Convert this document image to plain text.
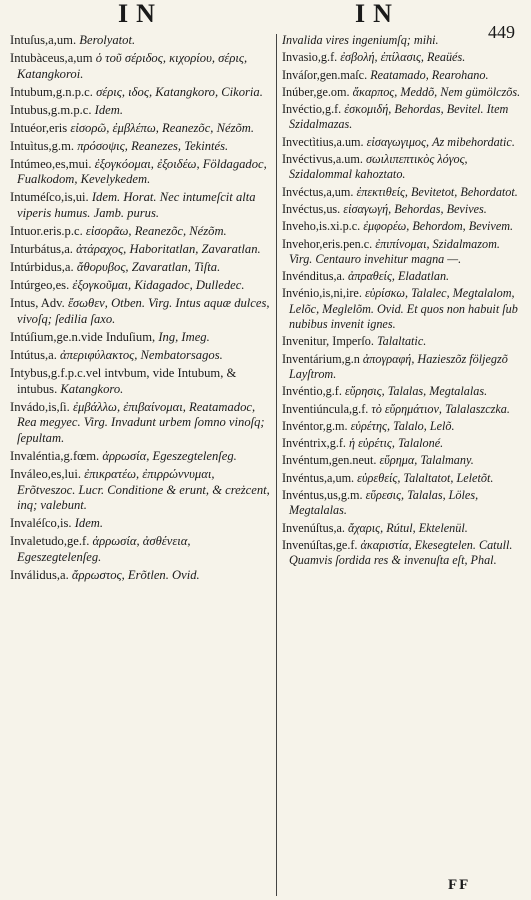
IN	IN
449
Intuſus,a,um. Berolyatot.
Intubàceus,a,um ὁ τοῦ σέριδος, κιχορίου, σέρις, Katangkoroi.
Intubum,g.n.p.c. σέρις, ιδος, Katangkoro, Cikoria.
Intubus,g.m.p.c. Idem.
Intuéor,eris εἰσορῶ, ἐμβλέπω, Reanezõc, Nézõm.
Intuìtus,g.m. πρόσοψις, Reanezes, Tekintés.
Intúmeo,es,mui. ἐξογκόομαι, ἐξοιδέω, Földagadoc, Fualkodom, Kevelykedem.
Intuméſco,is,ui. Idem. Horat. Nec intumeſcit alta viperis humus. Jamb. purus.
Intuor.eris.p.c. εἰσορᾶω, Reanezõc, Nézõm.
Inturbátus,a. ἀτάραχος, Haboritatlan, Zavaratlan.
Intúrbidus,a. ἄθορυβος, Zavaratlan, Tiſta.
Intúrgeo,es. ἐξογκοῦμαι, Kidagadoc, Dulledec.
Intus, Adv. ἔσωθεν, Otben. Virg. Intus aquæ dulces, vivoſq; ſedilia ſaxo.
Intúſium,ge.n.vide Induſium, Ing, Imeg.
Intútus,a. ἀπεριφύλακτος, Nembatorsagos.
Intybus,g.f.p.c.vel intvbum, vide Intubum, & intubus. Katangkoro.
Invádo,is,ſi. ἐμβάλλω, ἐπιβαίνομαι, Reatamadoc, Rea megyec. Virg. Invadunt urbem ſomno vinoſq; ſepultam.
Invaléntia,g.fœm. ἀρρωσία, Egeszegtelenſeg.
Inváleo,es,lui. ἐπικρατέω, ἐπιρρώννυμαι, Erõtveszoc. Lucr. Conditione & erunt, & creżcent, inq; valebunt.
Invaléſco,is. Idem.
Invaletudo,ge.f. ἀρρωσία, ἀσθένεια, Egeszegtelenſeg.
Inválidus,a. ἄρρωστος, Erõtlen. Ovid.
Invalida vires ingeniumſq; mihi.
Invasio,g.f. ἐσβολή, ἐπίλασις, Reaüés.
Inváſor,gen.maſc. Reatamado, Rearohano.
Inúber,ge.om. ἄκαρπος, Meddõ, Nem gümölczõs.
Invéctio,g.f. ἐσκομιδή, Behordas, Bevitel. Item Szidalmazas.
Invectìtius,a.um. εἰσαγωγιμος, Az mibehordatic.
Invéctivus,a.um. σωιλιπεπτικὸς λόγος, Szidalommal kahoztato.
Invéctus,a,um. ἐπεκτιθείς, Bevitetot, Behordatot.
Invéctus,us. εἰσαγωγή, Behordas, Bevives.
Inveho,is.xi.p.c. ἐμφορέω, Behordom, Bevivem.
Invehor,eris.pen.c. ἐπιπίνομαι, Szidalmazom. Virg. Centauro invehitur magna —.
Invénditus,a. ἀπραθείς, Eladatlan.
Invénio,is,ni,ire. εὑρίσκω, Talalec, Megtalalom, Lelõc, Meglelõm. Ovid. Et quos non habuit ſub nubibus invenit ignes.
Invenitur, Imperſo. Talaltatic.
Inventárium,g.n ἀπογραφή, Hazieszõz följegzõ Layſtrom.
Invéntio,g.f. εὕρησις, Talalas, Megtalalas.
Inventiúncula,g.f. τὸ εὕρημάτιον, Talalaszczka.
Invéntor,g.m. εὑρέτης, Talalo, Lelõ.
Invéntrix,g.f. ἡ εὑρέτις, Talaloné.
Invéntum,gen.neut. εὕρημα, Talalmany.
Invéntus,a,um. εὑρεθείς, Talaltatot, Leletõt.
Invéntus,us,g.m. εὕρεσις, Talalas, Löles, Megtalalas.
Invenúſtus,a. ἄχαρις, Rútul, Ektelenül.
Invenúſtas,ge.f. ἀκαριστία, Ekesegtelen. Catull. Quamvis ſordida res & invenuſta eſt, Phal.
FF
